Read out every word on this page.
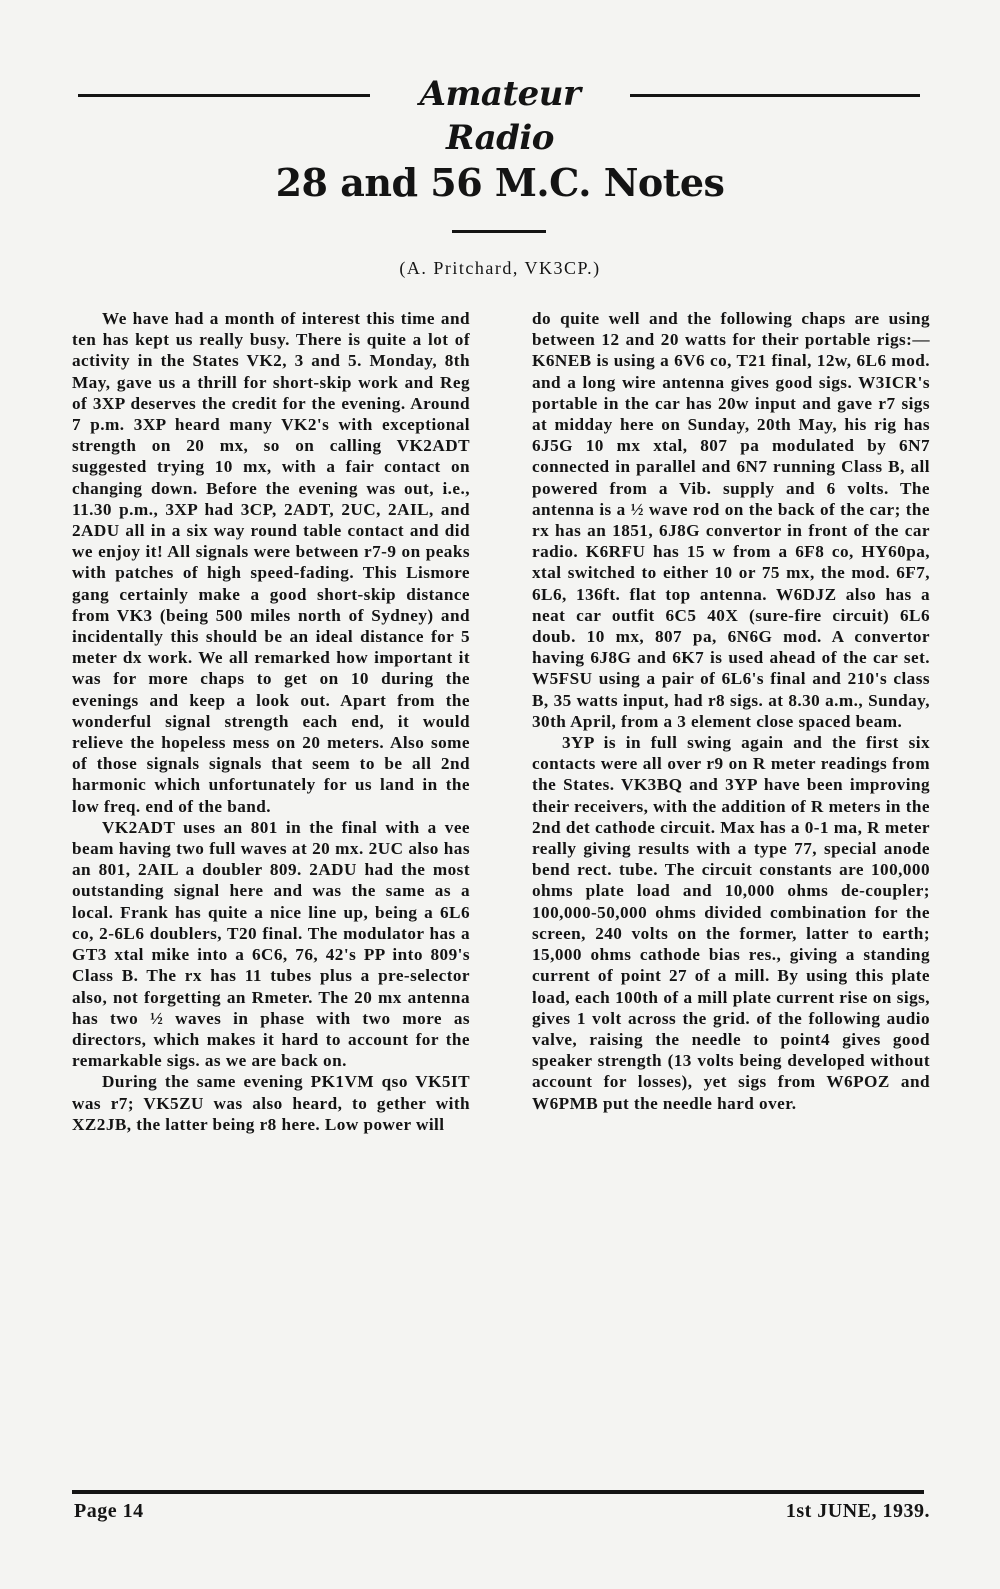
Amateur Radio
28 and 56 M.C. Notes
(A. Pritchard, VK3CP.)

We have had a month of interest this time and ten has kept us really busy. There is quite a lot of activity in the States VK2, 3 and 5. Monday, 8th May, gave us a thrill for short-skip work and Reg of 3XP deserves the credit for the evening. Around 7 p.m. 3XP heard many VK2's with exceptional strength on 20 mx, so on calling VK2ADT suggested trying 10 mx, with a fair contact on changing down. Before the evening was out, i.e., 11.30 p.m., 3XP had 3CP, 2ADT, 2UC, 2AIL, and 2ADU all in a six way round table contact and did we enjoy it! All signals were between r7-9 on peaks with patches of high speed-fading. This Lismore gang certainly make a good short-skip distance from VK3 (being 500 miles north of Sydney) and incidentally this should be an ideal distance for 5 meter dx work. We all remarked how important it was for more chaps to get on 10 during the evenings and keep a look out. Apart from the wonderful signal strength each end, it would relieve the hopeless mess on 20 meters. Also some of those signals signals that seem to be all 2nd harmonic which unfortunately for us land in the low freq. end of the band.

VK2ADT uses an 801 in the final with a vee beam having two full waves at 20 mx. 2UC also has an 801, 2AIL a doubler 809. 2ADU had the most outstanding signal here and was the same as a local. Frank has quite a nice line up, being a 6L6 co, 2-6L6 doublers, T20 final. The modulator has a GT3 xtal mike into a 6C6, 76, 42's PP into 809's Class B. The rx has 11 tubes plus a pre-selector also, not forgetting an Rmeter. The 20 mx antenna has two ½ waves in phase with two more as directors, which makes it hard to account for the remarkable sigs. as we are back on.

During the same evening PK1VM qso VK5IT was r7; VK5ZU was also heard, to gether with XZ2JB, the latter being r8 here. Low power will

do quite well and the following chaps are using between 12 and 20 watts for their portable rigs:—K6NEB is using a 6V6 co, T21 final, 12w, 6L6 mod. and a long wire antenna gives good sigs. W3ICR's portable in the car has 20w input and gave r7 sigs at midday here on Sunday, 20th May, his rig has 6J5G 10 mx xtal, 807 pa modulated by 6N7 connected in parallel and 6N7 running Class B, all powered from a Vib. supply and 6 volts. The antenna is a ½ wave rod on the back of the car; the rx has an 1851, 6J8G convertor in front of the car radio. K6RFU has 15 w from a 6F8 co, HY60pa, xtal switched to either 10 or 75 mx, the mod. 6F7, 6L6, 136ft. flat top antenna. W6DJZ also has a neat car outfit 6C5 40X (sure-fire circuit) 6L6 doub. 10 mx, 807 pa, 6N6G mod. A convertor having 6J8G and 6K7 is used ahead of the car set. W5FSU using a pair of 6L6's final and 210's class B, 35 watts input, had r8 sigs. at 8.30 a.m., Sunday, 30th April, from a 3 element close spaced beam.

3YP is in full swing again and the first six contacts were all over r9 on R meter readings from the States. VK3BQ and 3YP have been improving their receivers, with the addition of R meters in the 2nd det cathode circuit. Max has a 0-1 ma, R meter really giving results with a type 77, special anode bend rect. tube. The circuit constants are 100,000 ohms plate load and 10,000 ohms de-coupler; 100,000-50,000 ohms divided combination for the screen, 240 volts on the former, latter to earth; 15,000 ohms cathode bias res., giving a standing current of point 27 of a mill. By using this plate load, each 100th of a mill plate current rise on sigs, gives 1 volt across the grid. of the following audio valve, raising the needle to point4 gives good speaker strength (13 volts being developed without account for losses), yet sigs from W6POZ and W6PMB put the needle hard over.

Page 14	1st JUNE, 1939.
